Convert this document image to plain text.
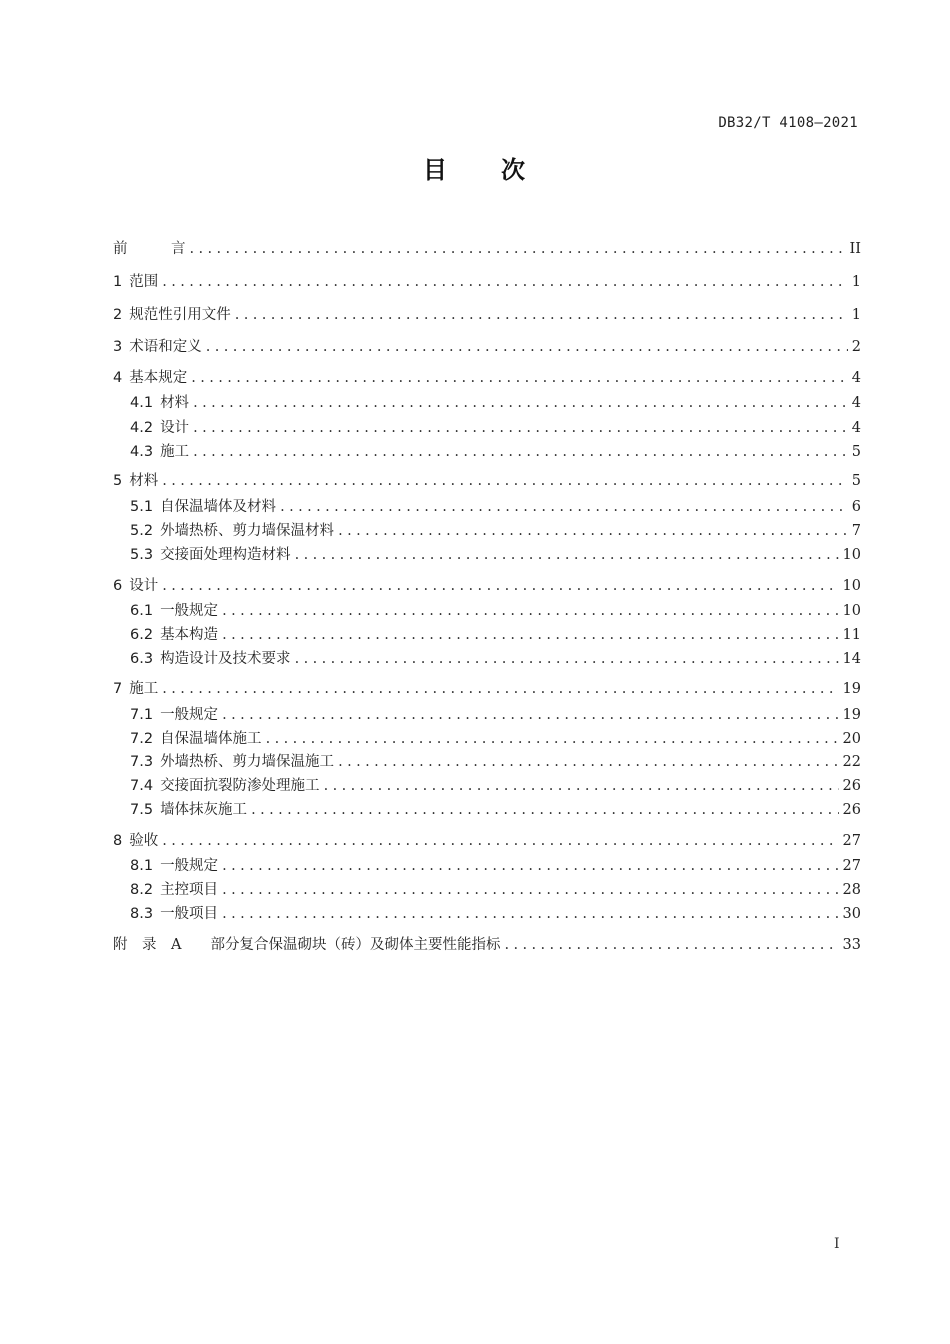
DB32/T 4108—2021
目　　次
前　　　言 .....	II
1 范围 .....	1
2 规范性引用文件 .....	1
3 术语和定义 .....	2
4 基本规定 .....	4
4.1 材料 .....	4
4.2 设计 .....	4
4.3 施工 .....	5
5 材料 .....	5
5.1 自保温墙体及材料 .....	6
5.2 外墙热桥、剪力墙保温材料 .....	7
5.3 交接面处理构造材料 .....	10
6 设计 .....	10
6.1 一般规定 .....	10
6.2 基本构造 .....	11
6.3 构造设计及技术要求 .....	14
7 施工 .....	19
7.1 一般规定 .....	19
7.2 自保温墙体施工 .....	20
7.3 外墙热桥、剪力墙保温施工 .....	22
7.4 交接面抗裂防渗处理施工 .....	26
7.5 墙体抹灰施工 .....	26
8 验收 .....	27
8.1 一般规定 .....	27
8.2 主控项目 .....	28
8.3 一般项目 .....	30
附　录　A　　部分复合保温砌块（砖）及砌体主要性能指标 .....	33
I
